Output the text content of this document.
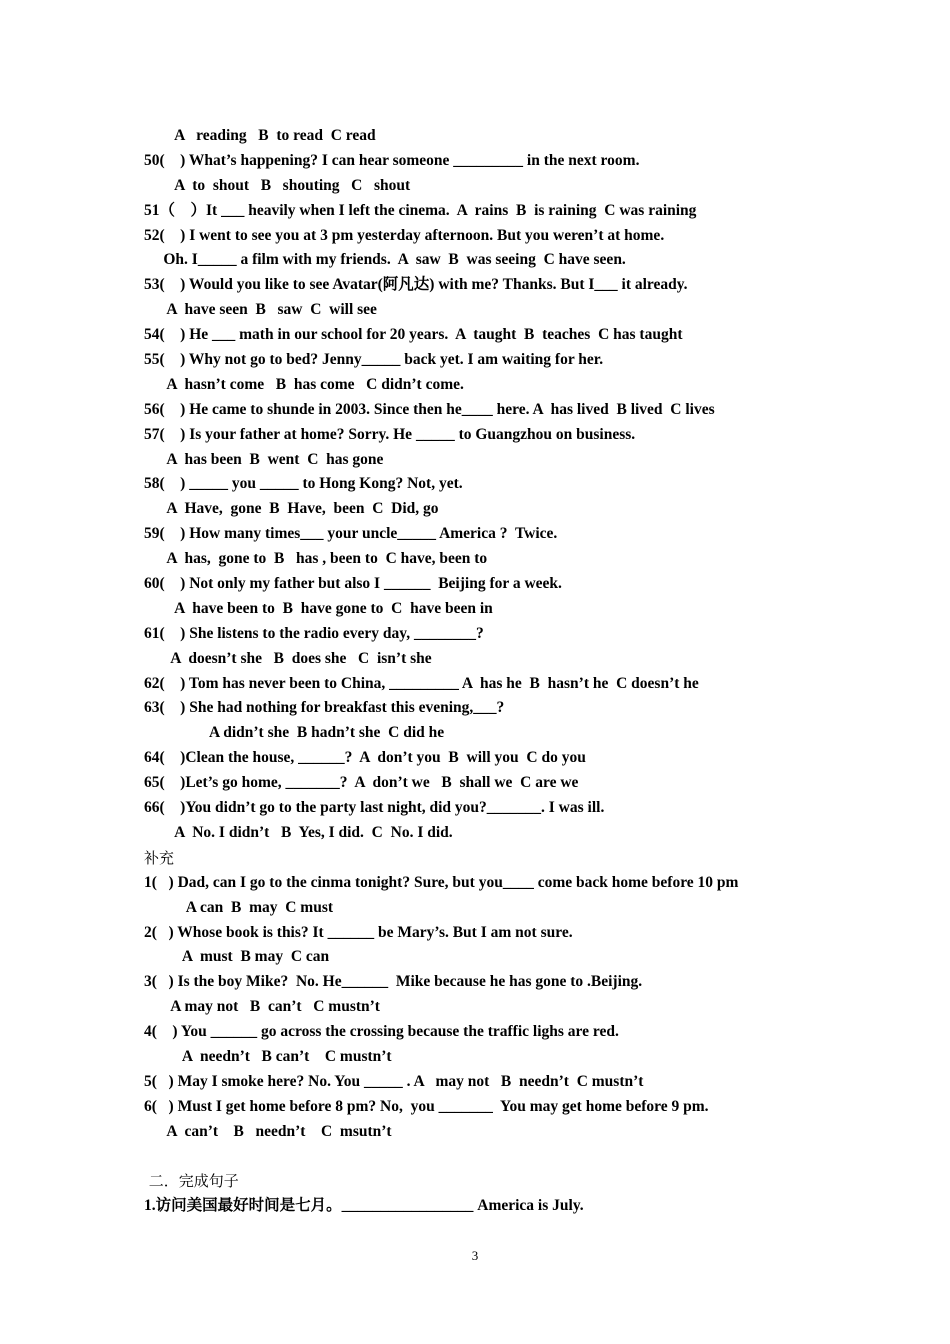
A   reading   B  to read  C read
50(    ) What’s happening? I can hear someone _________ in the next room.
A  to  shout   B   shouting   C   shout
51（    ）It ___ heavily when I left the cinema.  A  rains  B  is raining  C was raining
52(    ) I went to see you at 3 pm yesterday afternoon. But you weren’t at home.
Oh. I_____ a film with my friends.  A  saw  B  was seeing  C have seen.
53(    ) Would you like to see Avatar(阿凡达) with me? Thanks. But I___ it already.
A  have seen  B   saw  C  will see
54(    ) He ___ math in our school for 20 years.  A  taught  B  teaches  C has taught
55(    ) Why not go to bed? Jenny_____ back yet. I am waiting for her.
A  hasn’t come   B  has come   C didn’t come.
56(    ) He came to shunde in 2003. Since then he____ here. A  has lived  B lived  C lives
57(    ) Is your father at home? Sorry. He _____ to Guangzhou on business.
A  has been  B  went  C  has gone
58(    ) _____ you _____ to Hong Kong? Not, yet.
A  Have,  gone  B  Have,  been  C  Did, go
59(    ) How many times___ your uncle_____ America ?  Twice.
A  has,  gone to  B   has , been to  C have, been to
60(    ) Not only my father but also I ______  Beijing for a week.
A  have been to  B  have gone to  C  have been in
61(    ) She listens to the radio every day, ________?
A  doesn’t she   B  does she   C  isn’t she
62(    ) Tom has never been to China, _________ A  has he  B  hasn’t he  C doesn’t he
63(    ) She had nothing for breakfast this evening,___?
A didn’t she  B hadn’t she  C did he
64(    )Clean the house, ______?  A  don’t you  B  will you  C do you
65(    )Let’s go home, _______?  A  don’t we   B  shall we  C are we
66(    )You didn’t go to the party last night, did you?_______. I was ill.
A  No. I didn’t   B  Yes, I did.  C  No. I did.
补充
1(   ) Dad, can I go to the cinma tonight? Sure, but you____ come back home before 10 pm
A can  B  may  C must
2(   ) Whose book is this? It ______ be Mary’s. But I am not sure.
A  must  B may  C can
3(   ) Is the boy Mike?  No. He______  Mike because he has gone to .Beijing.
A may not   B  can’t   C mustn’t
4(    ) You ______ go across the crossing because the traffic lighs are red.
A  needn’t   B can’t    C mustn’t
5(   ) May I smoke here? No. You _____ . A   may not   B  needn’t  C mustn’t
6(   ) Must I get home before 8 pm? No,  you _______  You may get home before 9 pm.
A  can’t    B   needn’t    C  msutn’t
二．完成句子
1.访问美国最好时间是七月。_________________ America is July.
3
